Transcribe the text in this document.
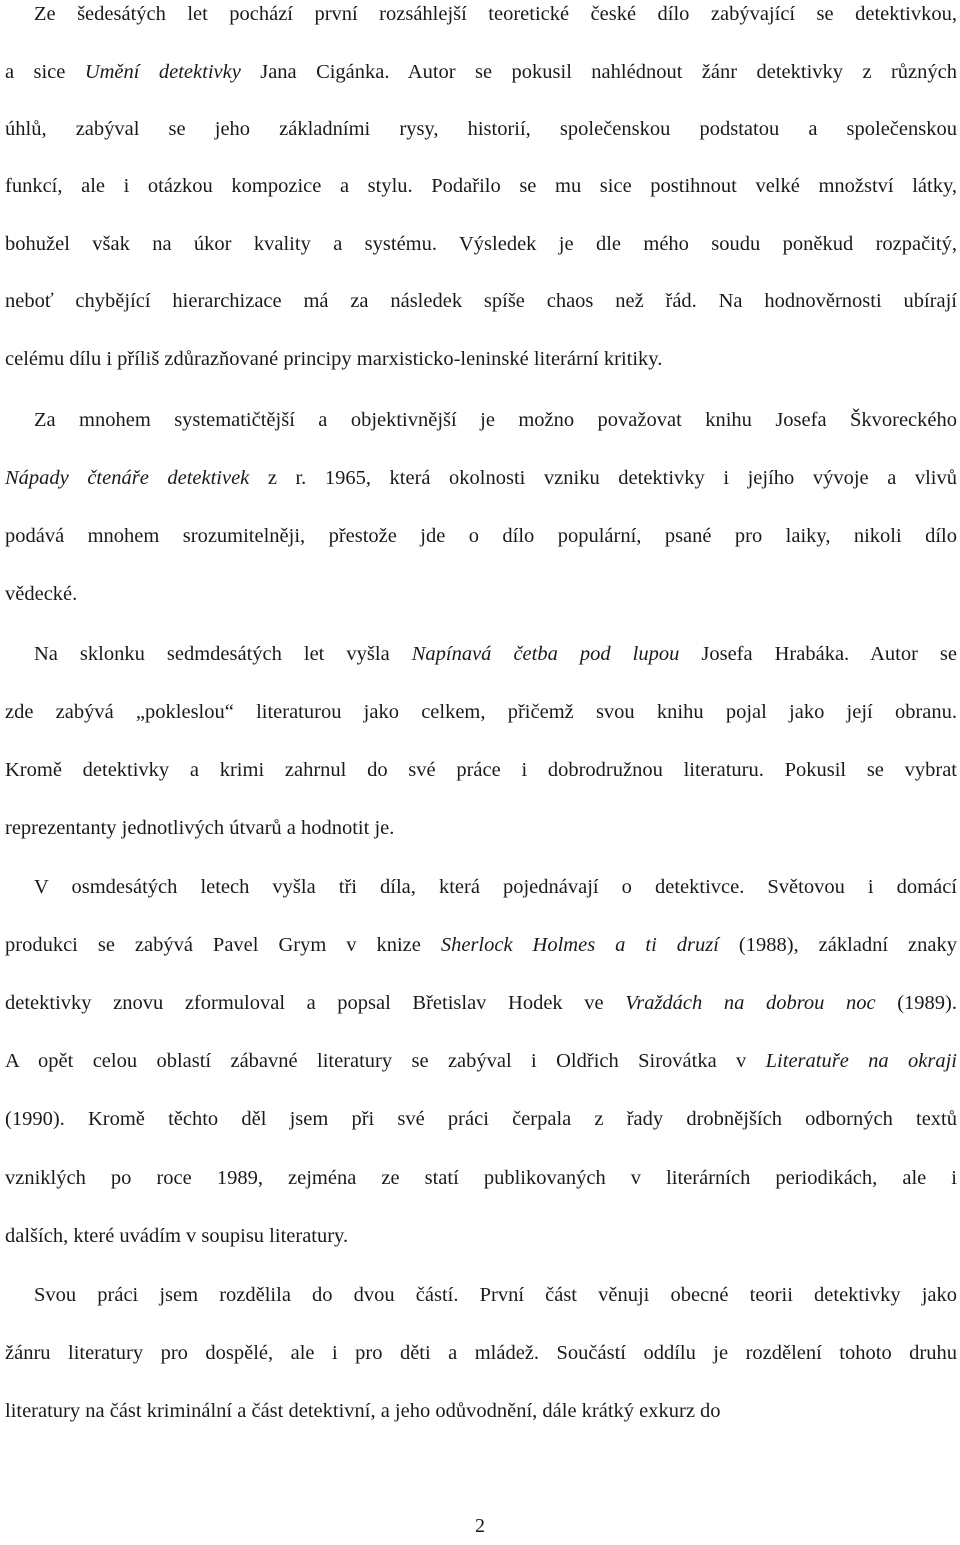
Ze šedesátých let pochází první rozsáhlejší teoretické české dílo zabývající se detektivkou,
a sice Umění detektivky Jana Cigánka. Autor se pokusil nahlédnout žánr detektivky z různých
úhlů, zabýval se jeho základními rysy, historií, společenskou podstatou a společenskou
funkcí, ale i otázkou kompozice a stylu. Podařilo se mu sice postihnout velké množství látky,
bohužel však na úkor kvality a systému. Výsledek je dle mého soudu poněkud rozpačitý,
neboť chybějící hierarchizace má za následek spíše chaos než řád. Na hodnověrnosti ubírají
celému dílu i příliš zdůrazňované principy marxisticko-leninské literární kritiky.
Za mnohem systematičtější a objektivnější je možno považovat knihu Josefa Škvoreckého
Nápady čtenáře detektivek z r. 1965, která okolnosti vzniku detektivky i jejího vývoje a vlivů
podává mnohem srozumitelněji, přestože jde o dílo populární, psané pro laiky, nikoli dílo
vědecké.
Na sklonku sedmdesátých let vyšla Napínavá četba pod lupou Josefa Hrabáka. Autor se
zde zabývá „pokleslou“ literaturou jako celkem, přičemž svou knihu pojal jako její obranu.
Kromě detektivky a krimi zahrnul do své práce i dobrodružnou literaturu. Pokusil se vybrat
reprezentanty jednotlivých útvarů a hodnotit je.
V osmdesátých letech vyšla tři díla, která pojednávají o detektivce. Světovou i domácí
produkci se zabývá Pavel Grym v knize Sherlock Holmes a ti druzí (1988), základní znaky
detektivky znovu zformuloval a popsal Břetislav Hodek ve Vraždách na dobrou noc (1989).
A opět celou oblastí zábavné literatury se zabýval i Oldřich Sirovátka v Literatuře na okraji
(1990). Kromě těchto děl jsem při své práci čerpala z řady drobnějších odborných textů
vzniklých po roce 1989, zejména ze statí publikovaných v literárních periodikách, ale i
dalších, které uvádím v soupisu literatury.
Svou práci jsem rozdělila do dvou částí. První část věnuji obecné teorii detektivky jako
žánru literatury pro dospělé, ale i pro děti a mládež. Součástí oddílu je rozdělení tohoto druhu
literatury na část kriminální a část detektivní, a jeho odůvodnění, dále krátký exkurz do
2
